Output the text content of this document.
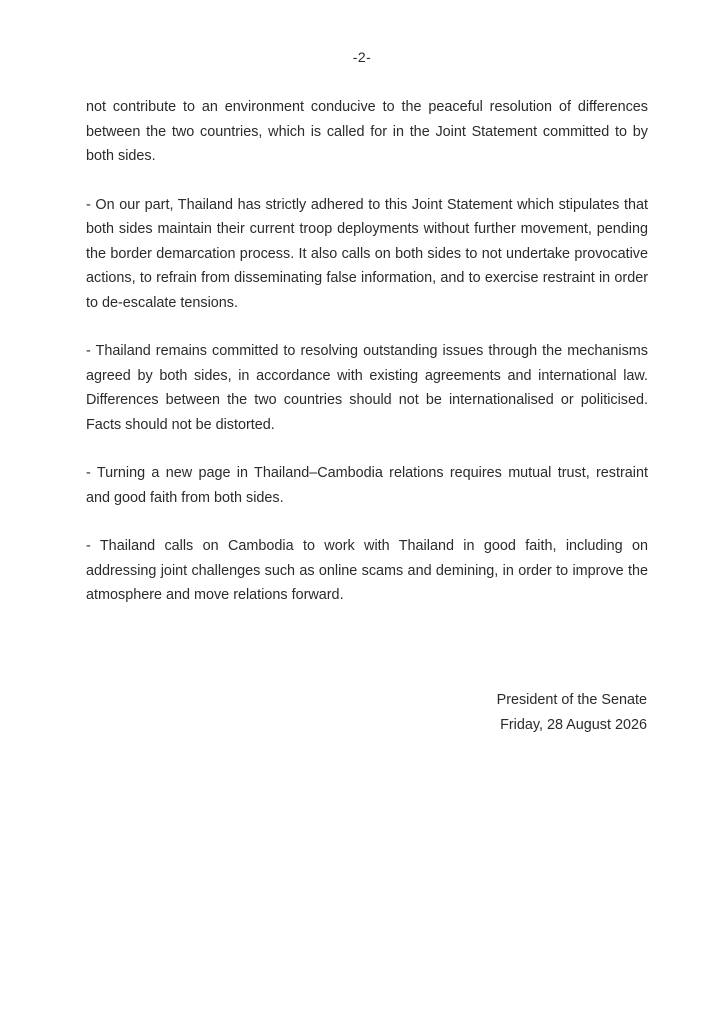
-2-

not contribute to an environment conducive to the peaceful resolution of differences between the two countries, which is called for in the Joint Statement committed to by both sides.

- On our part, Thailand has strictly adhered to this Joint Statement which stipulates that both sides maintain their current troop deployments without further movement, pending the border demarcation process. It also calls on both sides to not undertake provocative actions, to refrain from disseminating false information, and to exercise restraint in order to de-escalate tensions.

- Thailand remains committed to resolving outstanding issues through the mechanisms agreed by both sides, in accordance with existing agreements and international law. Differences between the two countries should not be internationalised or politicised. Facts should not be distorted.

- Turning a new page in Thailand–Cambodia relations requires mutual trust, restraint and good faith from both sides.

- Thailand calls on Cambodia to work with Thailand in good faith, including on addressing joint challenges such as online scams and demining, in order to improve the atmosphere and move relations forward.

President of the Senate
Friday, 28 August 2026
